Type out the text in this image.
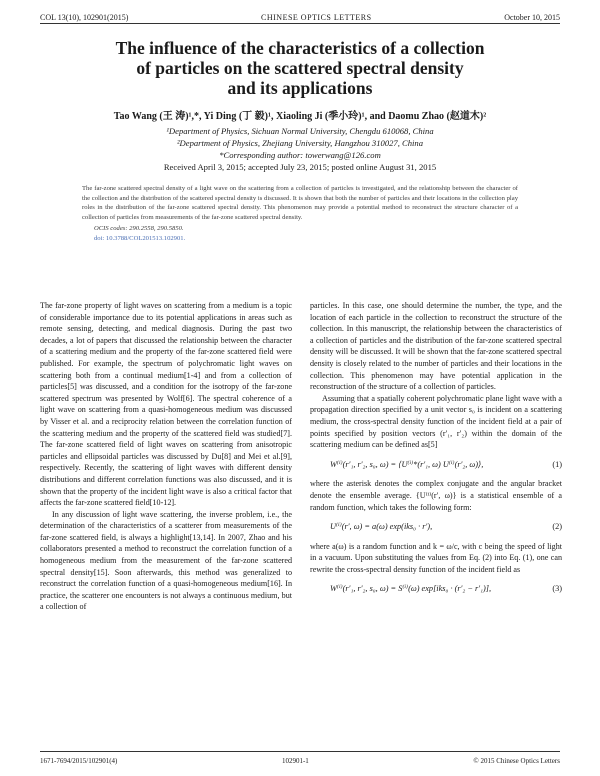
COL 13(10), 102901(2015)	CHINESE OPTICS LETTERS	October 10, 2015
The influence of the characteristics of a collection
of particles on the scattered spectral density
and its applications
Tao Wang (王 涛)¹,*, Yi Ding (丁 毅)¹, Xiaoling Ji (季小玲)¹, and Daomu Zhao (赵道木)²
¹Department of Physics, Sichuan Normal University, Chengdu 610068, China
²Department of Physics, Zhejiang University, Hangzhou 310027, China
*Corresponding author: towerwang@126.com
Received April 3, 2015; accepted July 23, 2015; posted online August 31, 2015
The far-zone scattered spectral density of a light wave on the scattering from a collection of particles is investigated, and the relationship between the character of the collection and the distribution of the scattered spectral density is discussed. It is shown that both the number of particles and their locations in the collection play roles in the distribution of the far-zone scattered spectral density. This phenomenon may provide a potential method to reconstruct the structure character of a collection of particles from measurements of the far-zone scattered spectral density.
OCIS codes: 290.2558, 290.5850.
doi: 10.3788/COL201513.102901.

The far-zone property of light waves on scattering from a medium is a topic of considerable importance due to its potential applications in areas such as remote sensing, detecting, and medical diagnosis. During the past two decades, a lot of papers that discussed the relationship between the character of a scattering medium and the property of the far-zone scattered field were published. For example, the spectrum of polychromatic light waves on scattering both from a continual medium[1-4] and from a collection of particles[5] was discussed, and a condition for the isotropy of the far-zone scattered spectrum was presented by Wolf[6]. The spectral coherence of a light wave on scattering from a quasi-homogeneous medium was discussed by Visser et al. and a reciprocity relation between the correlation function of the scattering medium and the property of the scattered field was studied[7]. The far-zone scattered field of light waves on scattering from anisotropic particles and ellipsoidal particles was discussed by Du[8] and Mei et al.[9], respectively. Recently, the scattering of light waves with different density distributions and different correlation functions was also discussed, and it is shown that the property of the incident light wave is also a critical factor that affects the far-zone scattered field[10-12].

In any discussion of light wave scattering, the inverse problem, i.e., the determination of the characteristics of a scatterer from measurements of the far-zone scattered field, is always a highlight[13,14]. In 2007, Zhao and his collaborators presented a method to reconstruct the correlation function of a homogeneous medium from the measurement of the far-zone scattered spectral density[15]. Soon afterwards, this method was generalized to reconstruct the correlation function of a quasi-homogeneous medium[16]. In practice, the scatterer one encounters is not always a continuous medium, but a collection of

particles. In this case, one should determine the number, the type, and the location of each particle in the collection to reconstruct the structure of the collection. In this manuscript, the relationship between the characteristics of a collection of particles and the distribution of the far-zone scattered spectral density will be discussed. It will be shown that the far-zone scattered spectral density is closely related to the number of particles and their locations in the collection. This phenomenon may have potential application in the reconstruction of the structure of a collection of particles.

Assuming that a spatially coherent polychromatic plane light wave with a propagation direction specified by a unit vector s₀ is incident on a scattering medium, the cross-spectral density function of the incident field at a pair of points specified by position vectors (r′₁, r′₂) within the domain of the scattering medium can be defined as[5]

W⁽ⁱ⁾(r′₁, r′₂, s₀, ω) = ⟨U⁽ⁱ⁾*(r′₁, ω) U⁽ⁱ⁾(r′₂, ω)⟩,	(1)

where the asterisk denotes the complex conjugate and the angular bracket denote the ensemble average. {U⁽ⁱ⁾(r′, ω)} is a statistical ensemble of a random function, which takes the following form:

U⁽ⁱ⁾(r′, ω) = a(ω) exp(iks₀ · r′),	(2)

where a(ω) is a random function and k = ω/c, with c being the speed of light in a vacuum. Upon substituting the values from Eq. (2) into Eq. (1), one can rewrite the cross-spectral density function of the incident field as

W⁽ⁱ⁾(r′₁, r′₂, s₀, ω) = S⁽ⁱ⁾(ω) exp[iks₀ · (r′₂ − r′₁)],	(3)
1671-7694/2015/102901(4)	102901-1	© 2015 Chinese Optics Letters
